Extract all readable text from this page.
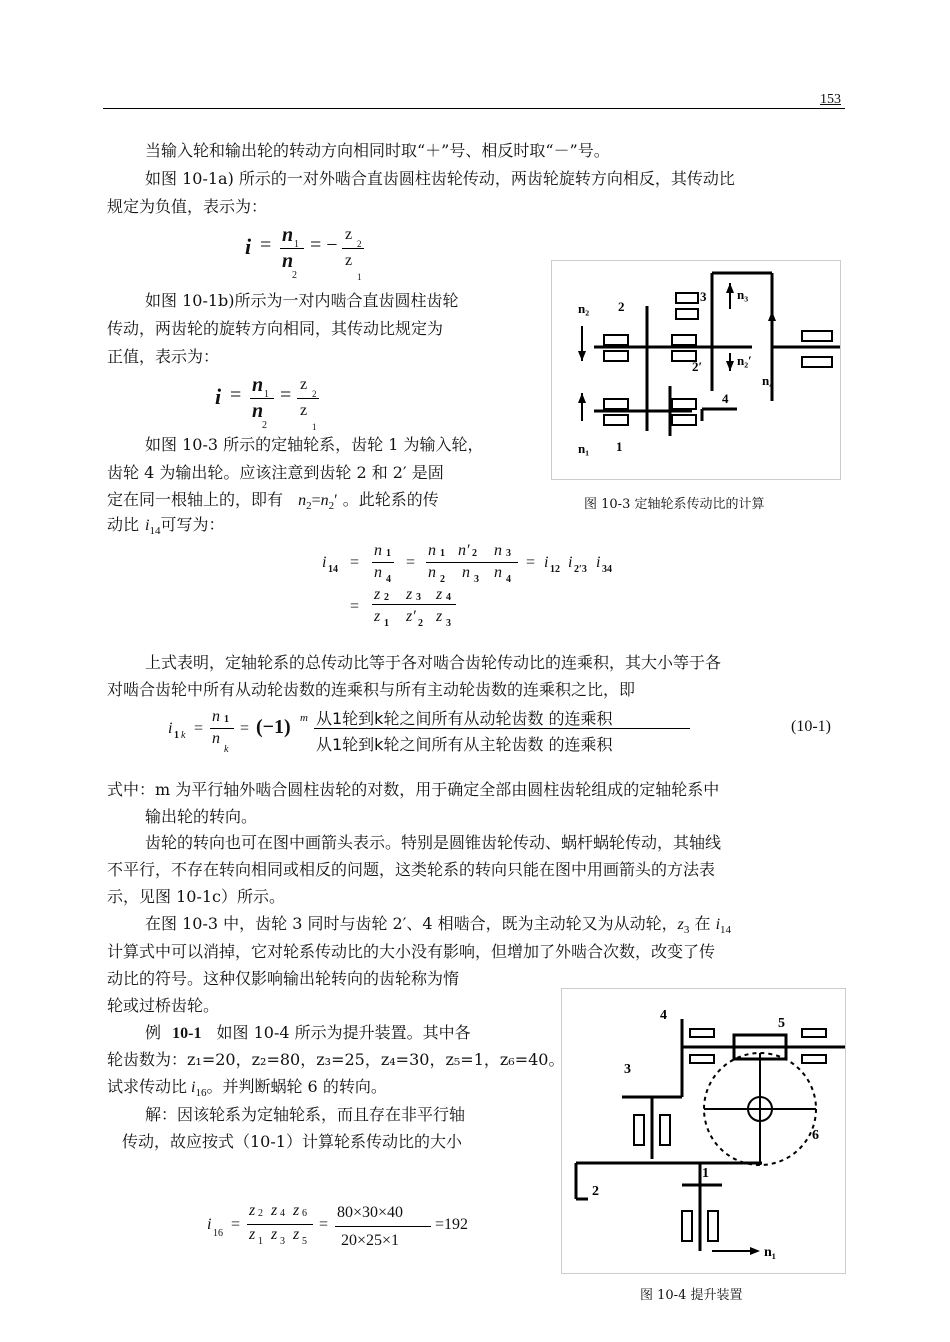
153
当输入轮和输出轮的转动方向相同时取“＋”号、相反时取“－”号。
如图 10-1a) 所示的一对外啮合直齿圆柱齿轮传动，两齿轮旋转方向相反，其传动比
规定为负值，表示为：
i = n
n
1
2
= − z
z
2
1
如图 10-1b)所示为一对内啮合直齿圆柱齿轮
传动，两齿轮的旋转方向相同，其传动比规定为
正值，表示为：
i = n
n
1
2
= z
z
2
1
如图 10-3 所示的定轴轮系，齿轮 1 为输入轮，
齿轮 4 为输出轮。应该注意到齿轮 2 和 2′ 是固
定在同一根轴上的，即有 $n_2=n_2'$ 。此轮系的传
动比 $i_{14}$可写为：
n₂ 2
3 n₃
n₂′
2′
n₄
4
n₁ 1
图 10-3 定轴轮系传动比的计算
i 14 =
n 1
n 4
=
n 1 n′ 2 n 3
n 2 n 3 n 4
= i 12 i 2′3 i 34
=
z 2 z 3 z 4
z 1 z′ 2 z 3
上式表明，定轴轮系的总传动比等于各对啮合齿轮传动比的连乘积，其大小等于各
对啮合齿轮中所有从动轮齿数的连乘积与所有主动轮齿数的连乘积之比，即
i 1 k =
n 1
n
k
= (−1) m 从1轮到k轮之间所有从动轮齿数 的连乘积
从1轮到k轮之间所有从主轮齿数 的连乘积
(10-1)
式中：m 为平行轴外啮合圆柱齿轮的对数，用于确定全部由圆柱齿轮组成的定轴轮系中
输出轮的转向。
齿轮的转向也可在图中画箭头表示。特别是圆锥齿轮传动、蜗杆蜗轮传动，其轴线
不平行，不存在转向相同或相反的问题，这类轮系的转向只能在图中用画箭头的方法表
示，见图 10-1c）所示。
在图 10-3 中，齿轮 3 同时与齿轮 2′、4 相啮合，既为主动轮又为从动轮，$z_3$ 在 $i_{14}$
计算式中可以消掉，它对轮系传动比的大小没有影响，但增加了外啮合次数，改变了传
动比的符号。这种仅影响输出轮转向的齿轮称为惰
轮或过桥齿轮。
例 10-1 如图 10-4 所示为提升装置。其中各
轮齿数为：z₁=20，z₂=80，z₃=25，z₄=30，z₅=1，z₆=40。
试求传动比 $i_{16}$。并判断蜗轮 6 的转向。
解：因该轮系为定轴轮系，而且存在非平行轴
传动，故应按式（10-1）计算轮系传动比的大小
i
16
=
z 2 z 4 z 6
z 1 z 3 z 5
=
80×30×40
20×25×1
=192
4
5
3
6
1
2
n₁
图 10-4 提升装置
